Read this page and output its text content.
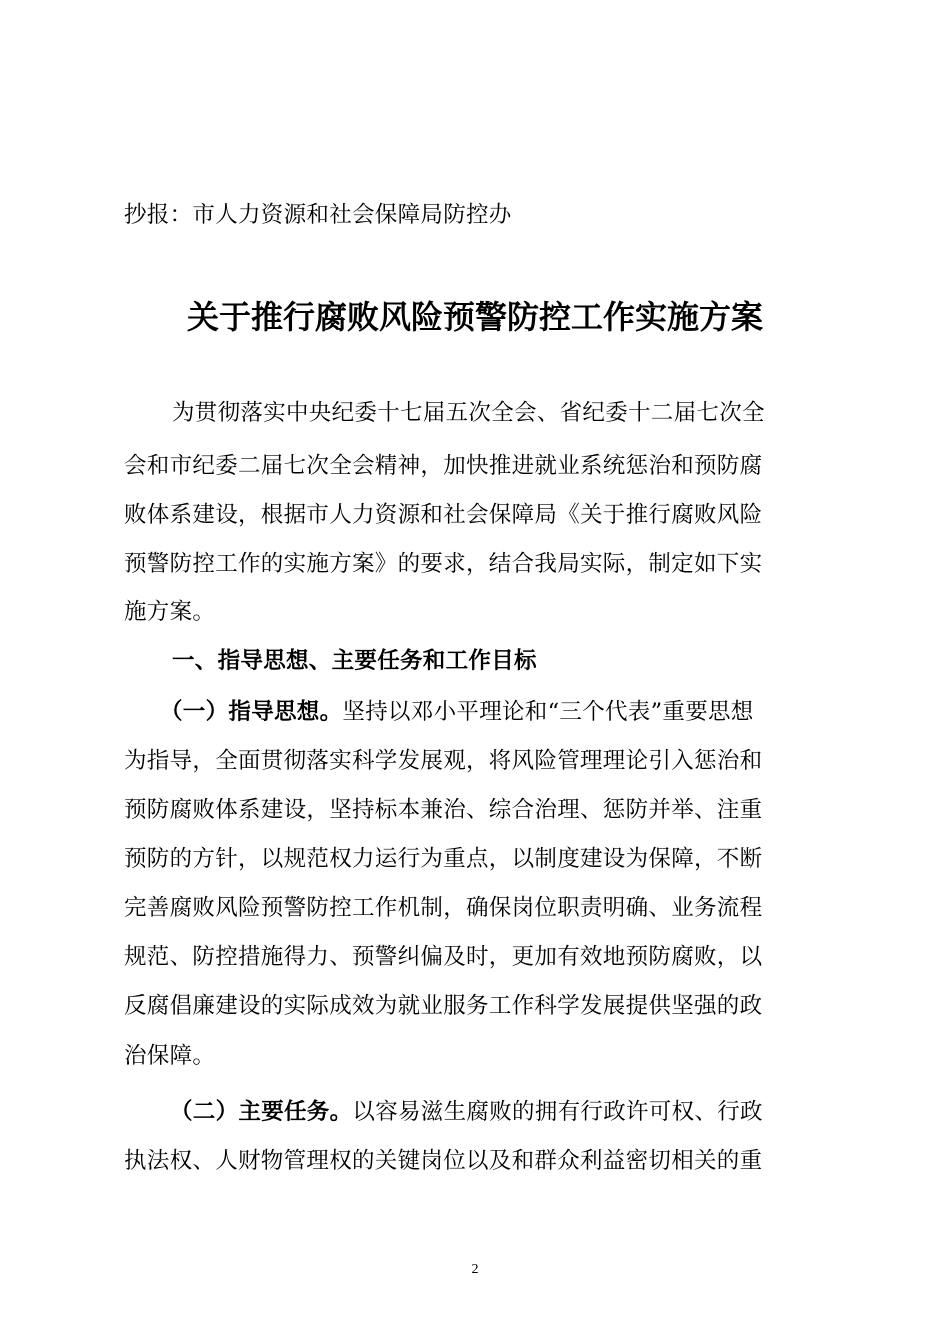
抄报：市人力资源和社会保障局防控办
关于推行腐败风险预警防控工作实施方案
为贯彻落实中央纪委十七届五次全会、省纪委十二届七次全
会和市纪委二届七次全会精神，加快推进就业系统惩治和预防腐
败体系建设，根据市人力资源和社会保障局《关于推行腐败风险
预警防控工作的实施方案》的要求，结合我局实际，制定如下实
施方案。
一、指导思想、主要任务和工作目标
（一）指导思想。坚持以邓小平理论和“三个代表”重要思想
为指导，全面贯彻落实科学发展观，将风险管理理论引入惩治和
预防腐败体系建设，坚持标本兼治、综合治理、惩防并举、注重
预防的方针，以规范权力运行为重点，以制度建设为保障，不断
完善腐败风险预警防控工作机制，确保岗位职责明确、业务流程
规范、防控措施得力、预警纠偏及时，更加有效地预防腐败，以
反腐倡廉建设的实际成效为就业服务工作科学发展提供坚强的政
治保障。
（二）主要任务。以容易滋生腐败的拥有行政许可权、行政
执法权、人财物管理权的关键岗位以及和群众利益密切相关的重
2
